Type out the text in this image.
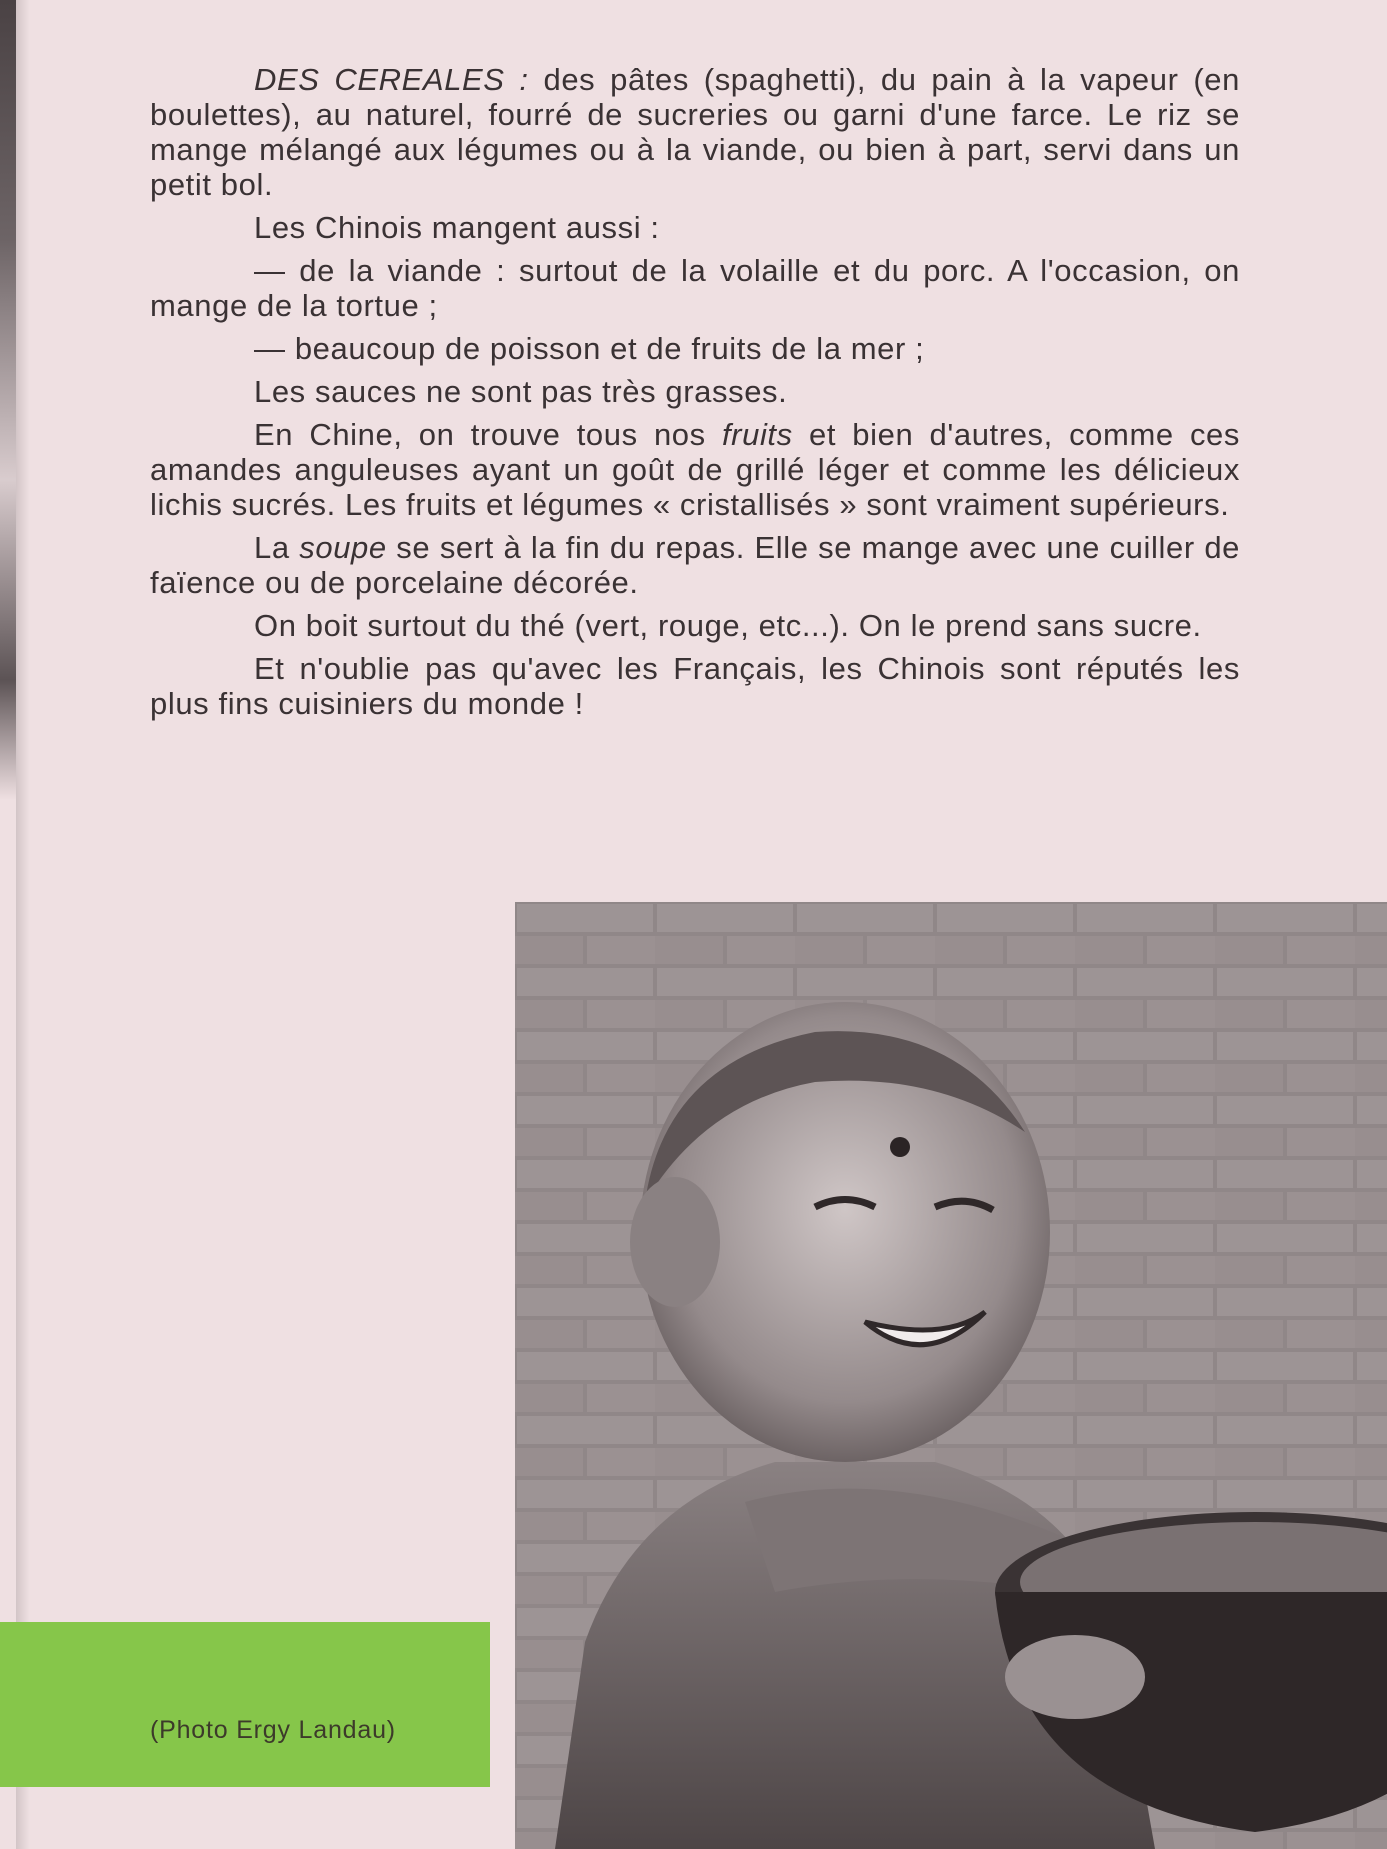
DES CEREALES : des pâtes (spaghetti), du pain à la vapeur (en boulettes), au naturel, fourré de sucreries ou garni d'une farce. Le riz se mange mélangé aux légumes ou à la viande, ou bien à part, servi dans un petit bol.

Les Chinois mangent aussi :

— de la viande : surtout de la volaille et du porc. A l'occasion, on mange de la tortue ;

— beaucoup de poisson et de fruits de la mer ;

Les sauces ne sont pas très grasses.

En Chine, on trouve tous nos fruits et bien d'autres, comme ces amandes anguleuses ayant un goût de grillé léger et comme les délicieux lichis sucrés. Les fruits et légumes « cristallisés » sont vraiment supérieurs.

La soupe se sert à la fin du repas. Elle se mange avec une cuiller de faïence ou de porcelaine décorée.

On boit surtout du thé (vert, rouge, etc...). On le prend sans sucre.

Et n'oublie pas qu'avec les Français, les Chinois sont réputés les plus fins cuisiniers du monde !

(Photo Ergy Landau)
